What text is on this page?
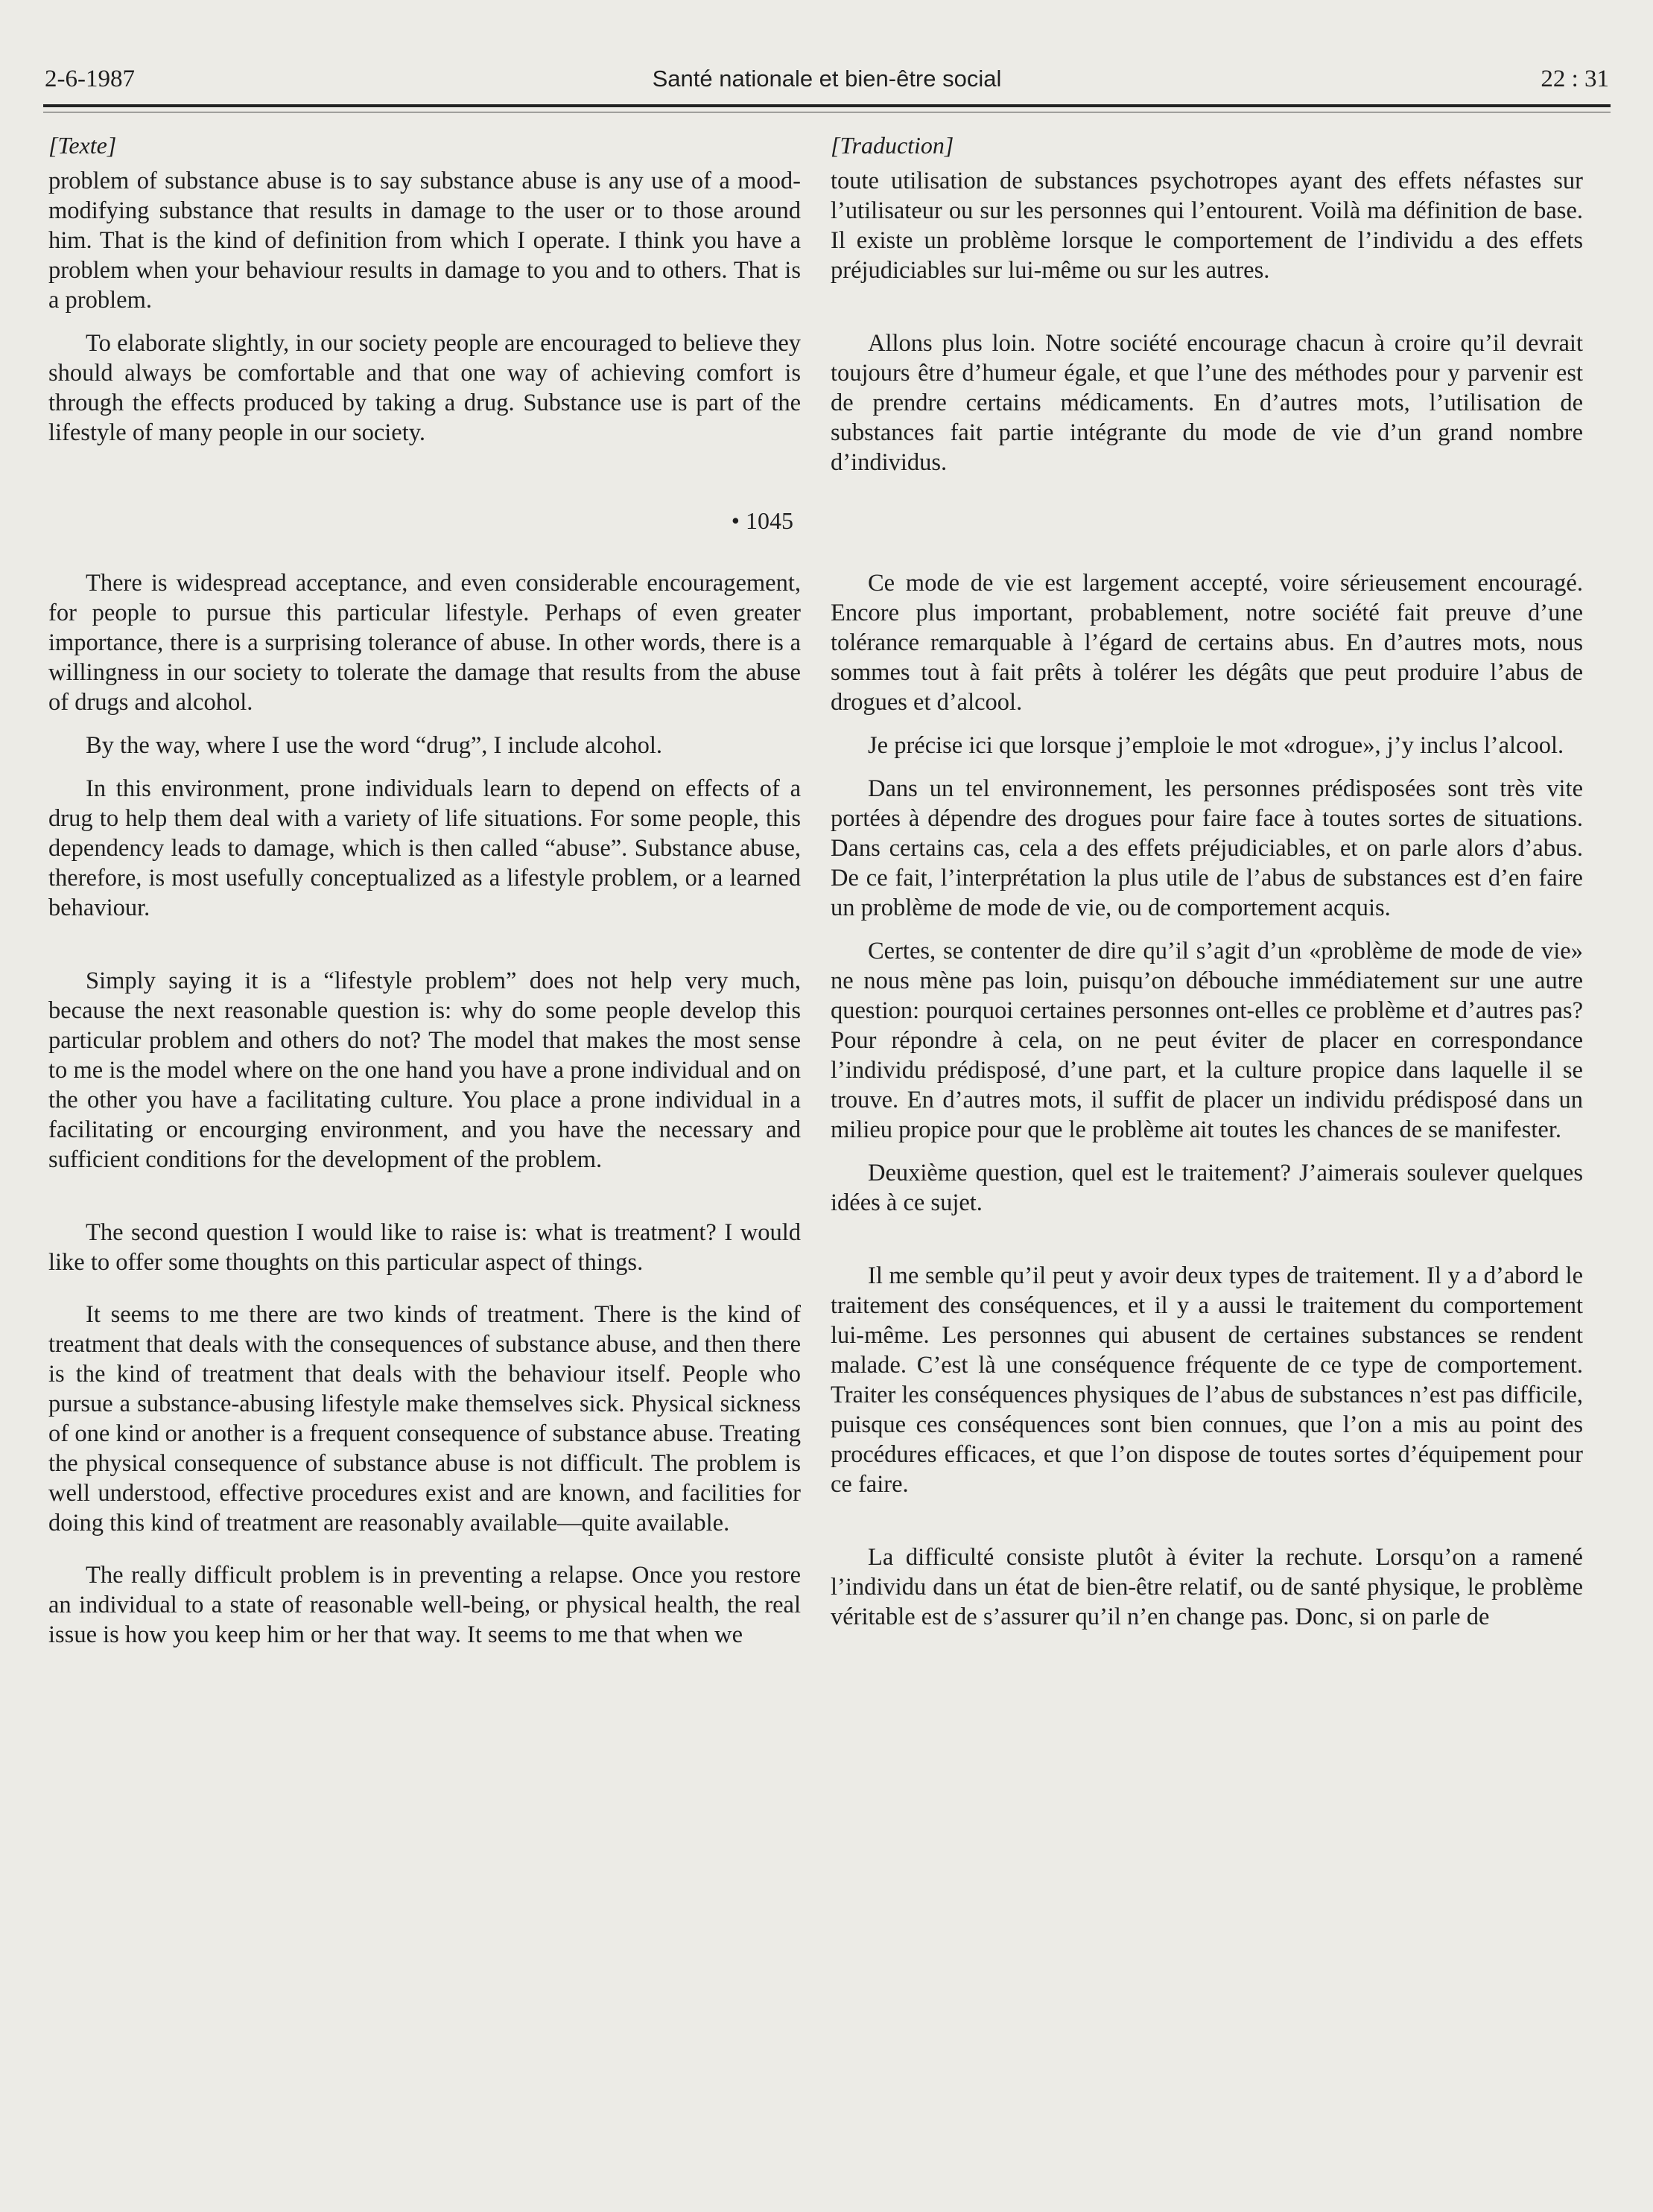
2-6-1987	Santé nationale et bien-être social	22 : 31
[Texte]

problem of substance abuse is to say substance abuse is any use of a mood-modifying substance that results in damage to the user or to those around him. That is the kind of definition from which I operate. I think you have a problem when your behaviour results in damage to you and to others. That is a problem.

To elaborate slightly, in our society people are encouraged to believe they should always be comfortable and that one way of achieving comfort is through the effects produced by taking a drug. Substance use is part of the lifestyle of many people in our society.

• 1045

There is widespread acceptance, and even considerable encouragement, for people to pursue this particular lifestyle. Perhaps of even greater importance, there is a surprising tolerance of abuse. In other words, there is a willingness in our society to tolerate the damage that results from the abuse of drugs and alcohol.

By the way, where I use the word “drug”, I include alcohol.

In this environment, prone individuals learn to depend on effects of a drug to help them deal with a variety of life situations. For some people, this dependency leads to damage, which is then called “abuse”. Substance abuse, therefore, is most usefully conceptualized as a lifestyle problem, or a learned behaviour.

Simply saying it is a “lifestyle problem” does not help very much, because the next reasonable question is: why do some people develop this particular problem and others do not? The model that makes the most sense to me is the model where on the one hand you have a prone individual and on the other you have a facilitating culture. You place a prone individual in a facilitating or encourging environment, and you have the necessary and sufficient conditions for the development of the problem.

The second question I would like to raise is: what is treatment? I would like to offer some thoughts on this particular aspect of things.

It seems to me there are two kinds of treatment. There is the kind of treatment that deals with the consequences of substance abuse, and then there is the kind of treatment that deals with the behaviour itself. People who pursue a substance-abusing lifestyle make themselves sick. Physical sickness of one kind or another is a frequent consequence of substance abuse. Treating the physical consequence of substance abuse is not difficult. The problem is well understood, effective procedures exist and are known, and facilities for doing this kind of treatment are reasonably available—quite available.

The really difficult problem is in preventing a relapse. Once you restore an individual to a state of reasonable well-being, or physical health, the real issue is how you keep him or her that way. It seems to me that when we

[Traduction]

toute utilisation de substances psychotropes ayant des effets néfastes sur l’utilisateur ou sur les personnes qui l’entourent. Voilà ma définition de base. Il existe un problème lorsque le comportement de l’individu a des effets préjudiciables sur lui-même ou sur les autres.

Allons plus loin. Notre société encourage chacun à croire qu’il devrait toujours être d’humeur égale, et que l’une des méthodes pour y parvenir est de prendre certains médicaments. En d’autres mots, l’utilisation de substances fait partie intégrante du mode de vie d’un grand nombre d’individus.

Ce mode de vie est largement accepté, voire sérieusement encouragé. Encore plus important, probablement, notre société fait preuve d’une tolérance remarquable à l’égard de certains abus. En d’autres mots, nous sommes tout à fait prêts à tolérer les dégâts que peut produire l’abus de drogues et d’alcool.

Je précise ici que lorsque j’emploie le mot «drogue», j’y inclus l’alcool.

Dans un tel environnement, les personnes prédisposées sont très vite portées à dépendre des drogues pour faire face à toutes sortes de situations. Dans certains cas, cela a des effets préjudiciables, et on parle alors d’abus. De ce fait, l’interprétation la plus utile de l’abus de substances est d’en faire un problème de mode de vie, ou de comportement acquis.

Certes, se contenter de dire qu’il s’agit d’un «problème de mode de vie» ne nous mène pas loin, puisqu’on débouche immédiatement sur une autre question: pourquoi certaines personnes ont-elles ce problème et d’autres pas? Pour répondre à cela, on ne peut éviter de placer en correspondance l’individu prédisposé, d’une part, et la culture propice dans laquelle il se trouve. En d’autres mots, il suffit de placer un individu prédisposé dans un milieu propice pour que le problème ait toutes les chances de se manifester.

Deuxième question, quel est le traitement? J’aimerais soulever quelques idées à ce sujet.

Il me semble qu’il peut y avoir deux types de traitement. Il y a d’abord le traitement des conséquences, et il y a aussi le traitement du comportement lui-même. Les personnes qui abusent de certaines substances se rendent malade. C’est là une conséquence fréquente de ce type de comportement. Traiter les conséquences physiques de l’abus de substances n’est pas difficile, puisque ces conséquences sont bien connues, que l’on a mis au point des procédures efficaces, et que l’on dispose de toutes sortes d’équipement pour ce faire.

La difficulté consiste plutôt à éviter la rechute. Lorsqu’on a ramené l’individu dans un état de bien-être relatif, ou de santé physique, le problème véritable est de s’assurer qu’il n’en change pas. Donc, si on parle de
